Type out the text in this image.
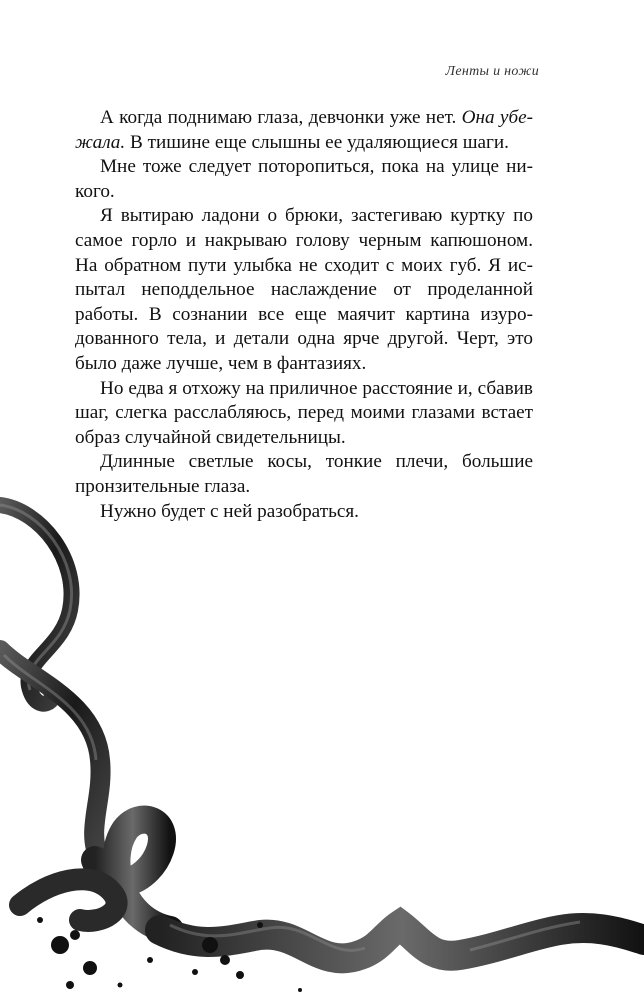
Ленты и ножи

А когда поднимаю глаза, девчонки уже нет. Она убежала. В тишине еще слышны ее удаляющиеся шаги.

Мне тоже следует поторопиться, пока на улице никого.

Я вытираю ладони о брюки, застегиваю куртку по самое горло и накрываю голову черным капюшоном. На обратном пути улыбка не сходит с моих губ. Я испытал неподдельное наслаждение от проделанной работы. В сознании все еще маячит картина изуродованного тела, и детали одна ярче другой. Черт, это было даже лучше, чем в фантазиях.

Но едва я отхожу на приличное расстояние и, сбавив шаг, слегка расслабляюсь, перед моими глазами встает образ случайной свидетельницы.

Длинные светлые косы, тонкие плечи, большие пронзительные глаза.

Нужно будет с ней разобраться.
